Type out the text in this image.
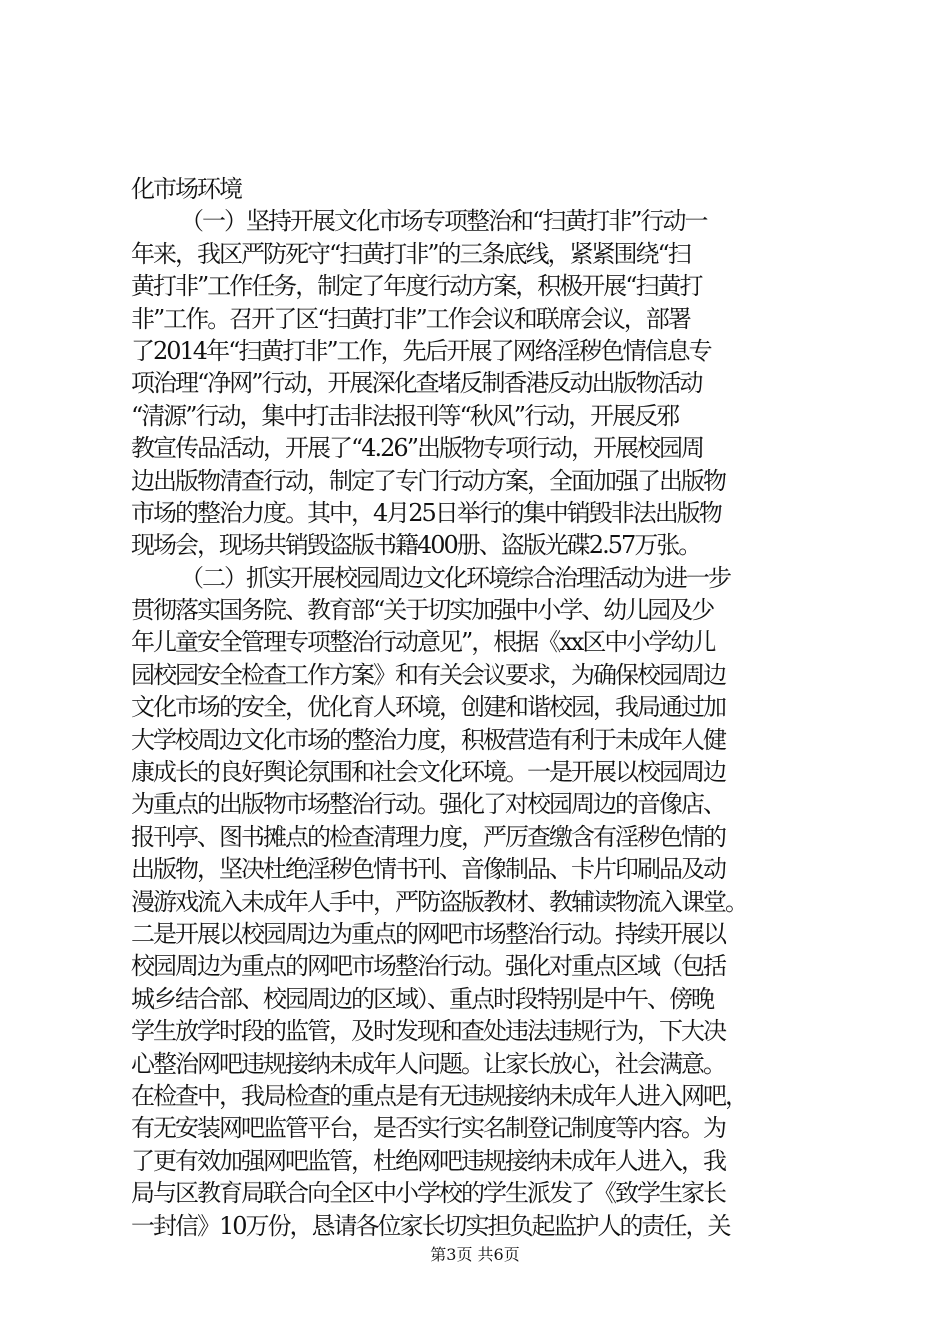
化市场环境
（一）坚持开展文化市场专项整治和“扫黄打非”行动一
年来，我区严防死守“扫黄打非”的三条底线，紧紧围绕“扫
黄打非”工作任务，制定了年度行动方案，积极开展“扫黄打
非”工作。召开了区“扫黄打非”工作会议和联席会议，部署
了2014年“扫黄打非”工作，先后开展了网络淫秽色情信息专
项治理“净网”行动，开展深化查堵反制香港反动出版物活动
“清源”行动，集中打击非法报刊等“秋风”行动，开展反邪
教宣传品活动，开展了“4.26”出版物专项行动，开展校园周
边出版物清查行动，制定了专门行动方案，全面加强了出版物
市场的整治力度。其中，4月25日举行的集中销毁非法出版物
现场会，现场共销毁盗版书籍400册、盗版光碟2.57万张。
（二）抓实开展校园周边文化环境综合治理活动为进一步
贯彻落实国务院、教育部“关于切实加强中小学、幼儿园及少
年儿童安全管理专项整治行动意见”，根据《xx区中小学幼儿
园校园安全检查工作方案》和有关会议要求，为确保校园周边
文化市场的安全，优化育人环境，创建和谐校园，我局通过加
大学校周边文化市场的整治力度，积极营造有利于未成年人健
康成长的良好舆论氛围和社会文化环境。一是开展以校园周边
为重点的出版物市场整治行动。强化了对校园周边的音像店、
报刊亭、图书摊点的检查清理力度，严厉查缴含有淫秽色情的
出版物，坚决杜绝淫秽色情书刊、音像制品、卡片印刷品及动
漫游戏流入未成年人手中，严防盗版教材、教辅读物流入课堂。
二是开展以校园周边为重点的网吧市场整治行动。持续开展以
校园周边为重点的网吧市场整治行动。强化对重点区域（包括
城乡结合部、校园周边的区域）、重点时段特别是中午、傍晚
学生放学时段的监管，及时发现和查处违法违规行为，下大决
心整治网吧违规接纳未成年人问题。让家长放心，社会满意。
在检查中，我局检查的重点是有无违规接纳未成年人进入网吧，
有无安装网吧监管平台，是否实行实名制登记制度等内容。为
了更有效加强网吧监管，杜绝网吧违规接纳未成年人进入，我
局与区教育局联合向全区中小学校的学生派发了《致学生家长
一封信》10万份，恳请各位家长切实担负起监护人的责任，关
第3页 共6页
